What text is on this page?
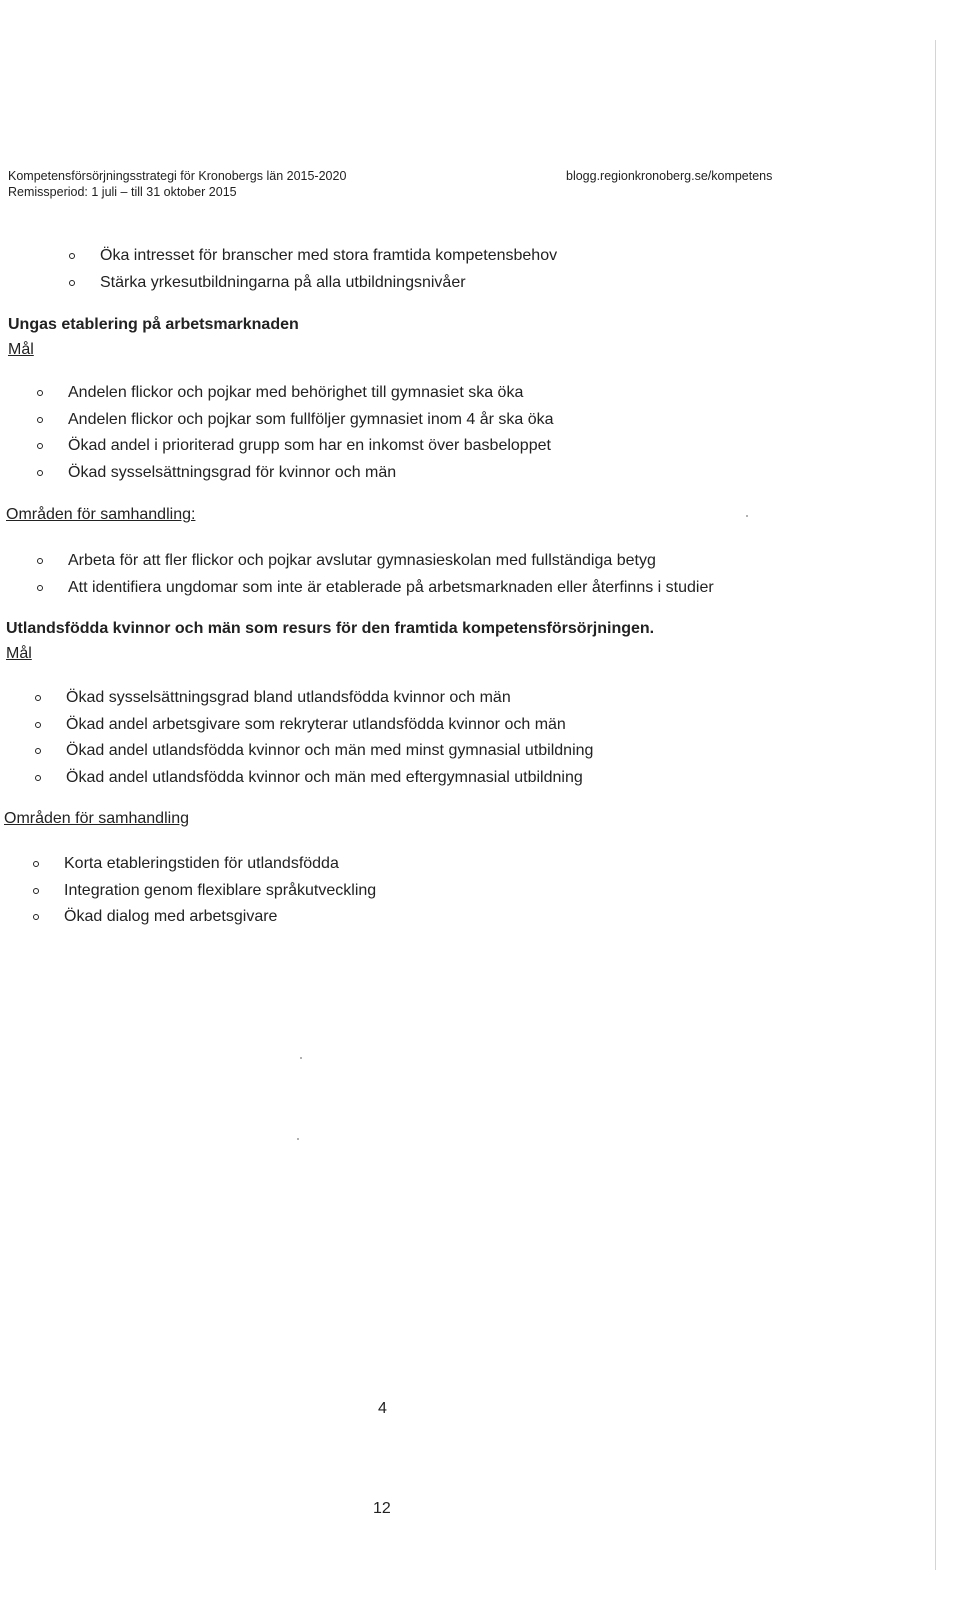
Kompetensförsörjningsstrategi för Kronobergs län 2015-2020
Remissperiod: 1 juli – till 31 oktober 2015
blogg.regionkronoberg.se/kompetens
Öka intresset för branscher med stora framtida kompetensbehov
Stärka yrkesutbildningarna på alla utbildningsnivåer
Ungas etablering på arbetsmarknaden
Mål
Andelen flickor och pojkar med behörighet till gymnasiet ska öka
Andelen flickor och pojkar som fullföljer gymnasiet inom 4 år ska öka
Ökad andel i prioriterad grupp som har en inkomst över basbeloppet
Ökad sysselsättningsgrad för kvinnor och män
Områden för samhandling:
Arbeta för att fler flickor och pojkar avslutar gymnasieskolan med fullständiga betyg
Att identifiera ungdomar som inte är etablerade på arbetsmarknaden eller återfinns i studier
Utlandsfödda kvinnor och män som resurs för den framtida kompetensförsörjningen.
Mål
Ökad sysselsättningsgrad bland utlandsfödda kvinnor och män
Ökad andel arbetsgivare som rekryterar utlandsfödda kvinnor och män
Ökad andel utlandsfödda kvinnor och män med minst gymnasial utbildning
Ökad andel utlandsfödda kvinnor och män med eftergymnasial utbildning
Områden för samhandling
Korta etableringstiden för utlandsfödda
Integration genom flexiblare språkutveckling
Ökad dialog med arbetsgivare
4
12
